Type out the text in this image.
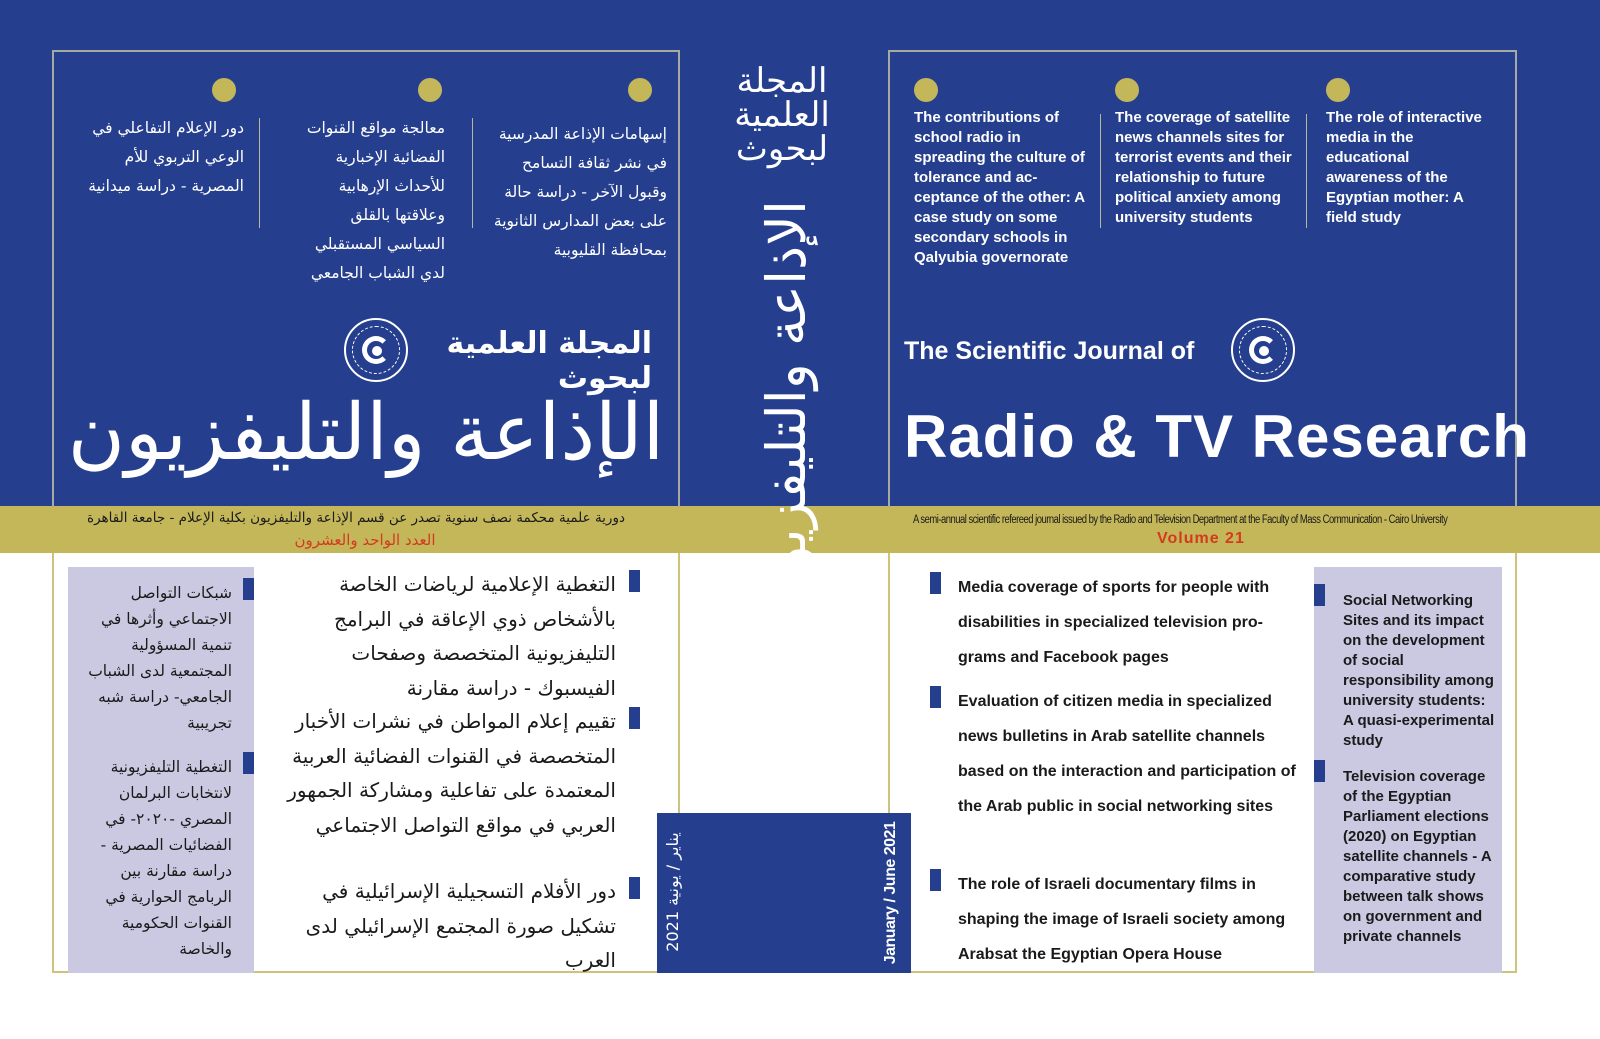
إسهامات الإذاعة المدرسية في نشر ثقافة التسامح وقبول الآخر - دراسة حالة على بعض المدارس الثانوية بمحافظة القليوبية
معالجة مواقع القنوات الفضائية الإخبارية للأحداث الإرهابية وعلاقتها بالقلق السياسي المستقبلي لدي الشباب الجامعي
دور الإعلام التفاعلي في الوعي التربوي للأم المصرية - دراسة ميدانية
المجلة العلمية لبحوث
الإذاعة والتليفزيون
دورية علمية محكمة نصف سنوية تصدر عن قسم الإذاعة والتليفزيون بكلية الإعلام - جامعة القاهرة
العدد الواحد والعشرون
التغطية الإعلامية لرياضات الخاصة بالأشخاص ذوي الإعاقة في البرامج التليفزيونية المتخصصة وصفحات الفيسبوك - دراسة مقارنة
تقييم إعلام المواطن في نشرات الأخبار المتخصصة في القنوات الفضائية العربية المعتمدة على تفاعلية ومشاركة الجمهور العربي في مواقع التواصل الاجتماعي
دور الأفلام التسجيلية الإسرائيلية في تشكيل صورة المجتمع الإسرائيلي لدى العرب
شبكات التواصل الاجتماعي وأثرها في تنمية المسؤولية المجتمعية لدى الشباب الجامعي- دراسة شبه تجريبية
التغطية التليفزيونية لانتخابات البرلمان المصري -٢٠٢٠- في الفضائيات المصرية - دراسة مقارنة بين الربامج الحوارية في القنوات الحكومية والخاصة
المجلة
العلمية
لبحوث
الإذاعة والتليفزيون
يناير / يونية 2021	January / June 2021
The contributions of school radio in spreading the culture of tolerance and ac-ceptance of the other: A case study on some secondary schools in Qalyubia governorate
The coverage of satellite news channels sites for terrorist events and their relationship to future political anxiety among university students
The role of interactive media in the educational awareness of the Egyptian mother: A field study
The Scientific Journal of
Radio & TV Research
A semi-annual scientific refereed journal issued by the Radio and Television Department at the Faculty of Mass Communication - Cairo University
Volume 21
Media coverage of sports for people with disabilities in specialized television pro-grams and Facebook pages
Evaluation of citizen media in specialized news bulletins in Arab satellite channels based on the interaction and participation of the Arab public in social networking sites
The role of Israeli documentary films in shaping the image of Israeli society among Arabsat the Egyptian Opera House
Social Networking Sites and its impact on the development of social responsibility among university students: A quasi-experimental study
Television coverage of the Egyptian Parliament elections (2020) on Egyptian satellite channels - A comparative study between talk shows on government and private channels
